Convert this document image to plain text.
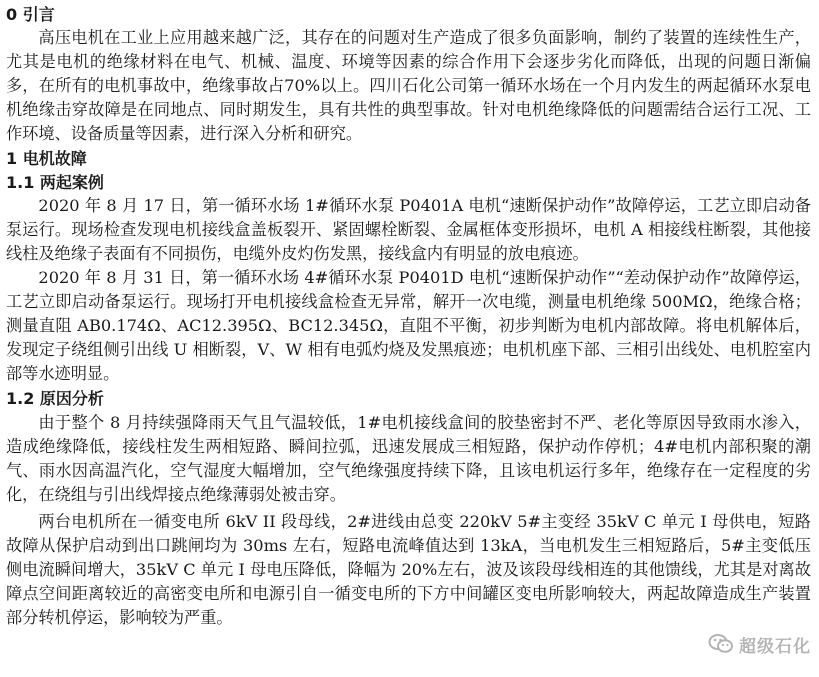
0 引言

高压电机在工业上应用越来越广泛，其存在的问题对生产造成了很多负面影响，制约了装置的连续性生产，尤其是电机的绝缘材料在电气、机械、温度、环境等因素的综合作用下会逐步劣化而降低，出现的问题日渐偏多，在所有的电机事故中，绝缘事故占70%以上。四川石化公司第一循环水场在一个月内发生的两起循环水泵电机绝缘击穿故障是在同地点、同时期发生，具有共性的典型事故。针对电机绝缘降低的问题需结合运行工况、工作环境、设备质量等因素，进行深入分析和研究。

1 电机故障
1.1 两起案例

2020 年 8 月 17 日，第一循环水场 1#循环水泵 P0401A 电机“速断保护动作”故障停运，工艺立即启动备泵运行。现场检查发现电机接线盒盖板裂开、紧固螺栓断裂、金属框体变形损坏，电机 A 相接线柱断裂，其他接线柱及绝缘子表面有不同损伤，电缆外皮灼伤发黑，接线盒内有明显的放电痕迹。

2020 年 8 月 31 日，第一循环水场 4#循环水泵 P0401D 电机“速断保护动作”“差动保护动作”故障停运，工艺立即启动备泵运行。现场打开电机接线盒检查无异常，解开一次电缆，测量电机绝缘 500MΩ，绝缘合格；测量直阻 AB0.174Ω、AC12.395Ω、BC12.345Ω，直阻不平衡，初步判断为电机内部故障。将电机解体后，发现定子绕组侧引出线 U 相断裂，V、W 相有电弧灼烧及发黑痕迹；电机机座下部、三相引出线处、电机腔室内部等水迹明显。

1.2 原因分析

由于整个 8 月持续强降雨天气且气温较低，1#电机接线盒间的胶垫密封不严、老化等原因导致雨水渗入，造成绝缘降低，接线柱发生两相短路、瞬间拉弧，迅速发展成三相短路，保护动作停机；4#电机内部积聚的潮气、雨水因高温汽化，空气湿度大幅增加，空气绝缘强度持续下降，且该电机运行多年，绝缘存在一定程度的劣化，在绕组与引出线焊接点绝缘薄弱处被击穿。

两台电机所在一循变电所 6kV II 段母线，2#进线由总变 220kV 5#主变经 35kV C 单元 I 母供电，短路故障从保护启动到出口跳闸均为 30ms 左右，短路电流峰值达到 13kA，当电机发生三相短路后，5#主变低压侧电流瞬间增大，35kV C 单元 I 母电压降低，降幅为 20%左右，波及该段母线相连的其他馈线，尤其是对离故障点空间距离较近的高密变电所和电源引自一循变电所的下方中间罐区变电所影响较大，两起故障造成生产装置部分转机停运，影响较为严重。

超级石化
